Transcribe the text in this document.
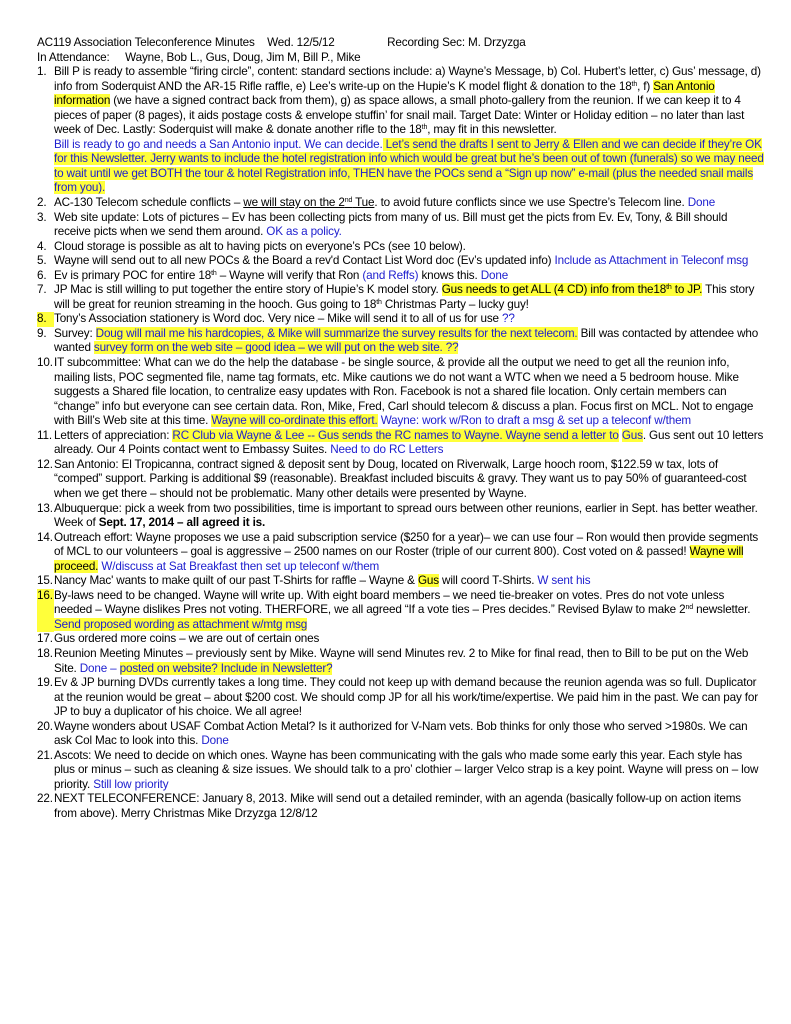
AC119 Association Teleconference Minutes Wed. 12/5/12	Recording Sec: M. Drzyzga
In Attendance: Wayne, Bob L., Gus, Doug, Jim M, Bill P., Mike
1. Bill P is ready to assemble “firing circle”, content: standard sections include: a) Wayne’s Message, b) Col. Hubert’s letter, c) Gus’ message, d) info from Soderquist AND the AR-15 Rifle raffle, e) Lee’s write-up on the Hupie’s K model flight & donation to the 18th, f) San Antonio information (we have a signed contract back from them), g) as space allows, a small photo-gallery from the reunion. If we can keep it to 4 pieces of paper (8 pages), it aids postage costs & envelope stuffin’ for snail mail. Target Date: Winter or Holiday edition – no later than last week of Dec. Lastly: Soderquist will make & donate another rifle to the 18th, may fit in this newsletter.
Bill is ready to go and needs a San Antonio input. We can decide. Let’s send the drafts I sent to Jerry & Ellen and we can decide if they’re OK for this Newsletter. Jerry wants to include the hotel registration info which would be great but he’s been out of town (funerals) so we may need to wait until we get BOTH the tour & hotel Registration info, THEN have the POCs send a “Sign up now” e-mail (plus the needed snail mails from you).
2. AC-130 Telecom schedule conflicts – we will stay on the 2nd Tue. to avoid future conflicts since we use Spectre’s Telecom line. Done
3. Web site update: Lots of pictures – Ev has been collecting picts from many of us. Bill must get the picts from Ev. Ev, Tony, & Bill should receive picts when we send them around. OK as a policy.
4. Cloud storage is possible as alt to having picts on everyone’s PCs (see 10 below).
5. Wayne will send out to all new POCs & the Board a rev'd Contact List Word doc (Ev’s updated info) Include as Attachment in Teleconf msg
6. Ev is primary POC for entire 18th – Wayne will verify that Ron (and Reffs) knows this. Done
7. JP Mac is still willing to put together the entire story of Hupie’s K model story. Gus needs to get ALL (4 CD) info from the18th to JP. This story will be great for reunion streaming in the hooch. Gus going to 18th Christmas Party – lucky guy!
8. Tony’s Association stationery is Word doc. Very nice – Mike will send it to all of us for use ??
9. Survey: Doug will mail me his hardcopies, & Mike will summarize the survey results for the next telecom. Bill was contacted by attendee who wanted survey form on the web site – good idea – we will put on the web site. ??
10. IT subcommittee: What can we do the help the database - be single source, & provide all the output we need to get all the reunion info, mailing lists, POC segmented file, name tag formats, etc. Mike cautions we do not want a WTC when we need a 5 bedroom house. Mike suggests a Shared file location, to centralize easy updates with Ron. Facebook is not a shared file location. Only certain members can “change” info but everyone can see certain data. Ron, Mike, Fred, Carl should telecom & discuss a plan. Focus first on MCL. Not to engage with Bill’s Web site at this time. Wayne will co-ordinate this effort. Wayne: work w/Ron to draft a msg & set up a teleconf w/them
11. Letters of appreciation: RC Club via Wayne & Lee -- Gus sends the RC names to Wayne. Wayne send a letter to Gus. Gus sent out 10 letters already. Our 4 Points contact went to Embassy Suites. Need to do RC Letters
12. San Antonio: El Tropicanna, contract signed & deposit sent by Doug, located on Riverwalk, Large hooch room, $122.59 w tax, lots of “comped” support. Parking is additional $9 (reasonable). Breakfast included biscuits & gravy. They want us to pay 50% of guaranteed-cost when we get there – should not be problematic. Many other details were presented by Wayne.
13. Albuquerque: pick a week from two possibilities, time is important to spread ours between other reunions, earlier in Sept. has better weather. Week of Sept. 17, 2014 – all agreed it is.
14. Outreach effort: Wayne proposes we use a paid subscription service ($250 for a year)– we can use four – Ron would then provide segments of MCL to our volunteers – goal is aggressive – 2500 names on our Roster (triple of our current 800). Cost voted on & passed! Wayne will proceed. W/discuss at Sat Breakfast then set up teleconf w/them
15. Nancy Mac' wants to make quilt of our past T-Shirts for raffle – Wayne & Gus will coord T-Shirts. W sent his
16. By-laws need to be changed. Wayne will write up. With eight board members – we need tie-breaker on votes. Pres do not vote unless needed – Wayne dislikes Pres not voting. THERFORE, we all agreed “If a vote ties – Pres decides.” Revised Bylaw to make 2nd newsletter. Send proposed wording as attachment w/mtg msg
17. Gus ordered more coins – we are out of certain ones
18. Reunion Meeting Minutes – previously sent by Mike. Wayne will send Minutes rev. 2 to Mike for final read, then to Bill to be put on the Web Site. Done – posted on website? Include in Newsletter?
19. Ev & JP burning DVDs currently takes a long time. They could not keep up with demand because the reunion agenda was so full. Duplicator at the reunion would be great – about $200 cost. We should comp JP for all his work/time/expertise. We paid him in the past. We can pay for JP to buy a duplicator of his choice. We all agree!
20. Wayne wonders about USAF Combat Action Metal? Is it authorized for V-Nam vets. Bob thinks for only those who served >1980s. We can ask Col Mac to look into this. Done
21. Ascots: We need to decide on which ones. Wayne has been communicating with the gals who made some early this year. Each style has plus or minus – such as cleaning & size issues. We should talk to a pro’ clothier – larger Velco strap is a key point. Wayne will press on – low priority. Still low priority
22. NEXT TELECONFERENCE: January 8, 2013. Mike will send out a detailed reminder, with an agenda (basically follow-up on action items from above). Merry Christmas Mike Drzyzga 12/8/12
